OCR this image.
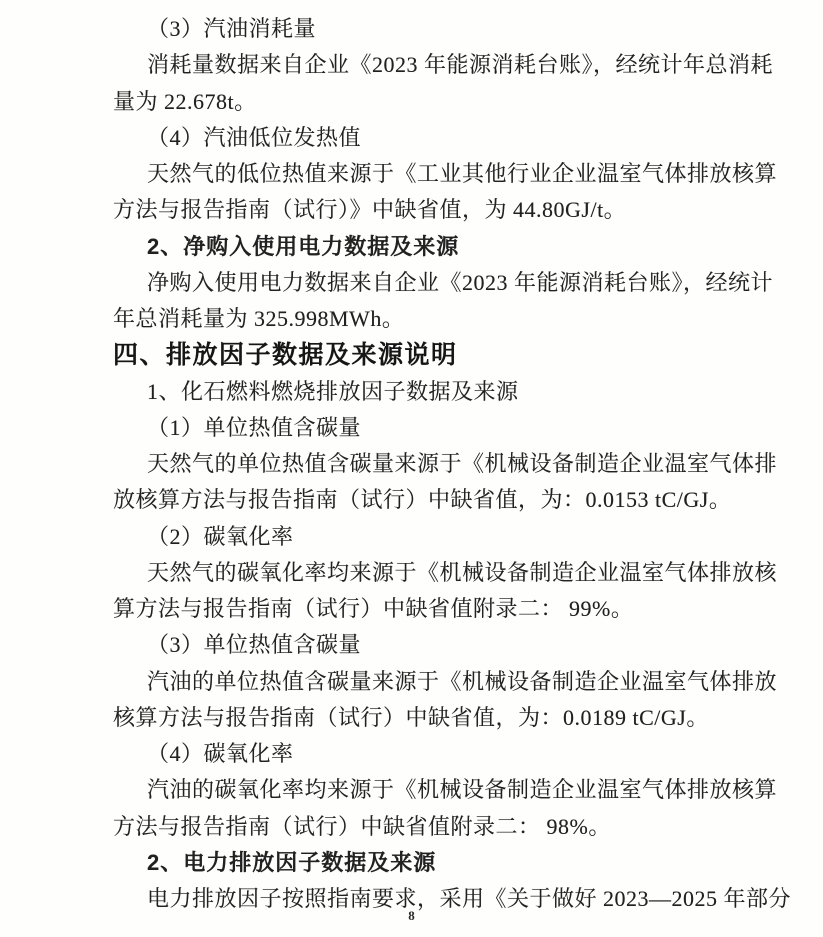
（3）汽油消耗量
消耗量数据来自企业《2023 年能源消耗台账》，经统计年总消耗
量为 22.678t。
（4）汽油低位发热值
天然气的低位热值来源于《工业其他行业企业温室气体排放核算
方法与报告指南（试行）》中缺省值，为 44.80GJ/t。
2、净购入使用电力数据及来源
净购入使用电力数据来自企业《2023 年能源消耗台账》，经统计
年总消耗量为 325.998MWh。
四、排放因子数据及来源说明
1、化石燃料燃烧排放因子数据及来源
（1）单位热值含碳量
天然气的单位热值含碳量来源于《机械设备制造企业温室气体排
放核算方法与报告指南（试行）中缺省值，为：0.0153 tC/GJ。
（2）碳氧化率
天然气的碳氧化率均来源于《机械设备制造企业温室气体排放核
算方法与报告指南（试行）中缺省值附录二： 99%。
（3）单位热值含碳量
汽油的单位热值含碳量来源于《机械设备制造企业温室气体排放
核算方法与报告指南（试行）中缺省值，为：0.0189 tC/GJ。
（4）碳氧化率
汽油的碳氧化率均来源于《机械设备制造企业温室气体排放核算
方法与报告指南（试行）中缺省值附录二： 98%。
2、电力排放因子数据及来源
电力排放因子按照指南要求，采用《关于做好 2023—2025 年部分
8
